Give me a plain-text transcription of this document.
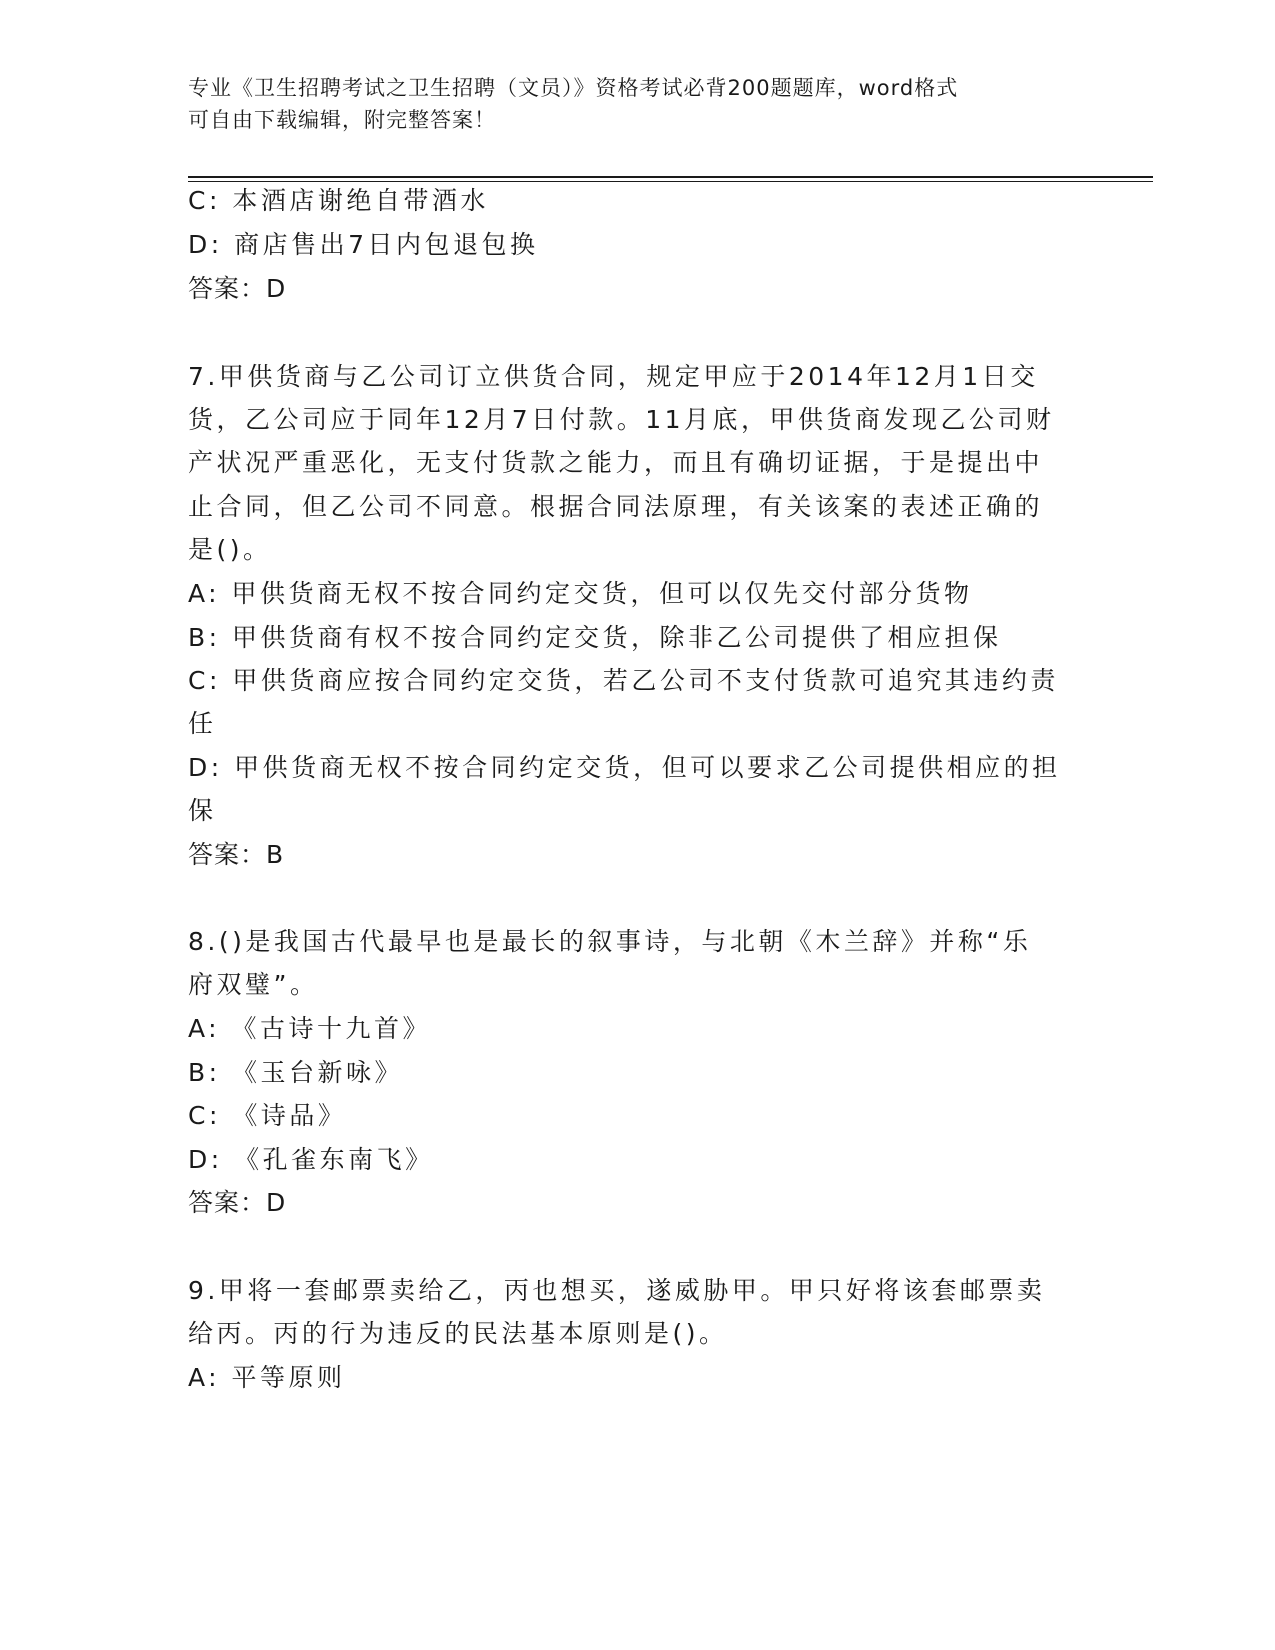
专业《卫生招聘考试之卫生招聘（文员）》资格考试必背200题题库，word格式
可自由下载编辑，附完整答案！
C: 本酒店谢绝自带酒水
D: 商店售出7日内包退包换
答案：D
7.甲供货商与乙公司订立供货合同，规定甲应于2014年12月1日交
货，乙公司应于同年12月7日付款。11月底，甲供货商发现乙公司财
产状况严重恶化，无支付货款之能力，而且有确切证据，于是提出中
止合同，但乙公司不同意。根据合同法原理，有关该案的表述正确的
是()。
A: 甲供货商无权不按合同约定交货，但可以仅先交付部分货物
B: 甲供货商有权不按合同约定交货，除非乙公司提供了相应担保
C: 甲供货商应按合同约定交货，若乙公司不支付货款可追究其违约责
任
D: 甲供货商无权不按合同约定交货，但可以要求乙公司提供相应的担
保
答案：B
8.()是我国古代最早也是最长的叙事诗，与北朝《木兰辞》并称“乐
府双璧”。
A: 《古诗十九首》
B: 《玉台新咏》
C: 《诗品》
D: 《孔雀东南飞》
答案：D
9.甲将一套邮票卖给乙，丙也想买，遂威胁甲。甲只好将该套邮票卖
给丙。丙的行为违反的民法基本原则是()。
A: 平等原则
